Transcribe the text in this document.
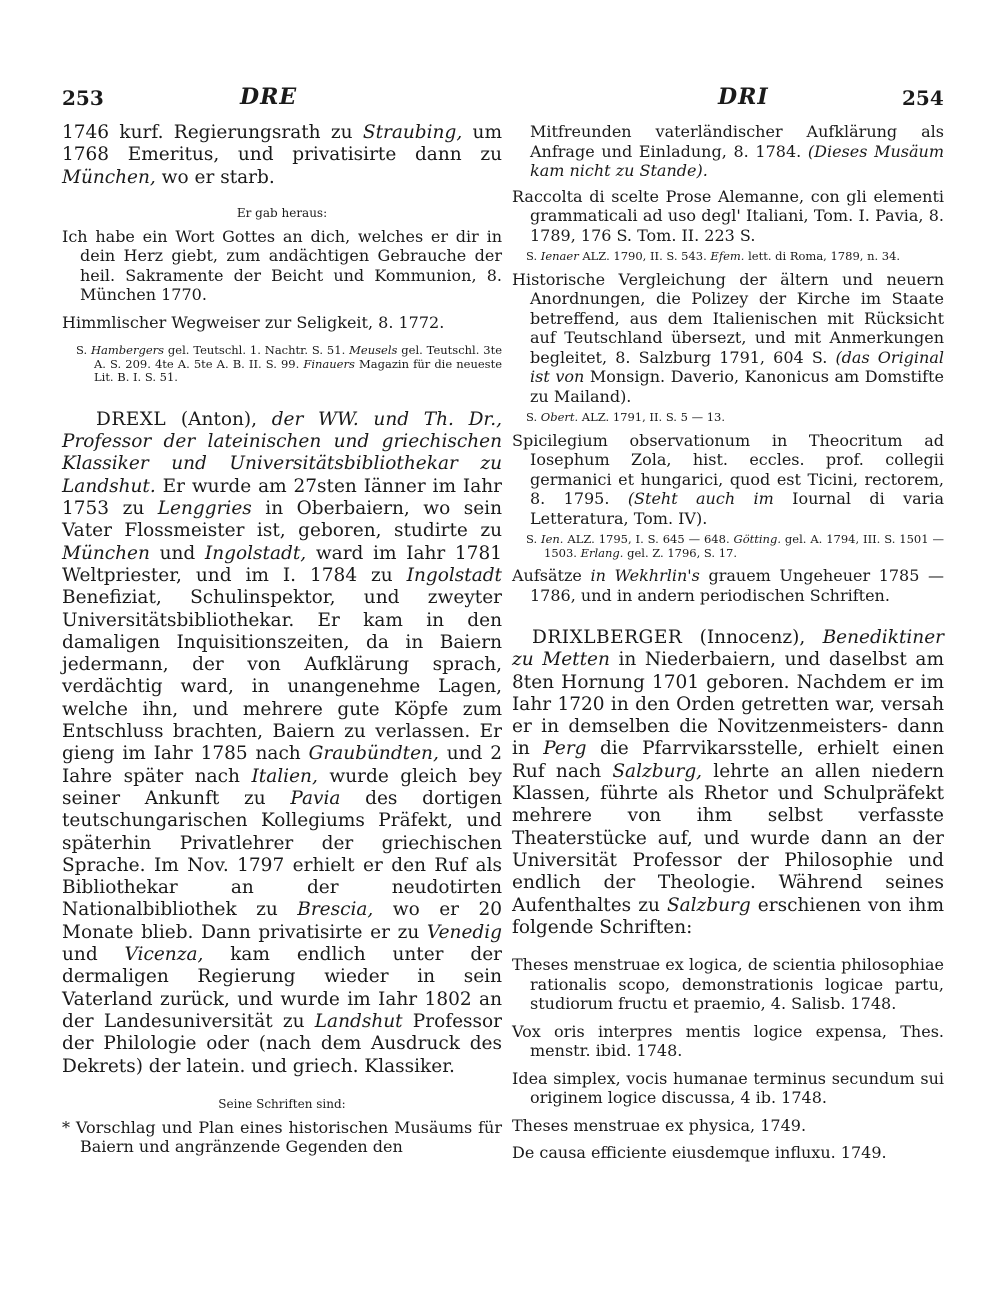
253	DRE	DRI	254

1746 kurf. Regierungsrath zu Straubing, um 1768 Emeritus, und privatisirte dann zu München, wo er starb.

Er gab heraus:

Ich habe ein Wort Gottes an dich, welches er dir in dein Herz giebt, zum andächtigen Gebrauche der heil. Sakramente der Beicht und Kommunion, 8. München 1770.

Himmlischer Wegweiser zur Seligkeit, 8. 1772.

S. Hambergers gel. Teutschl. 1. Nachtr. S. 51. Meusels gel. Teutschl. 3te A. S. 209. 4te A. 5te A. B. II. S. 99. Finauers Magazin für die neueste Lit. B. I. S. 51.

DREXL (Anton), der WW. und Th. Dr., Professor der lateinischen und griechischen Klassiker und Universitätsbibliothekar zu Landshut. Er wurde am 27sten Iänner im Iahr 1753 zu Lenggries in Oberbaiern, wo sein Vater Flossmeister ist, geboren, studirte zu München und Ingolstadt, ward im Iahr 1781 Weltpriester, und im I. 1784 zu Ingolstadt Benefiziat, Schulinspektor, und zweyter Universitätsbibliothekar. Er kam in den damaligen Inquisitionszeiten, da in Baiern jedermann, der von Aufklärung sprach, verdächtig ward, in unangenehme Lagen, welche ihn, und mehrere gute Köpfe zum Entschluss brachten, Baiern zu verlassen. Er gieng im Iahr 1785 nach Graubündten, und 2 Iahre später nach Italien, wurde gleich bey seiner Ankunft zu Pavia des dortigen teutschungarischen Kollegiums Präfekt, und späterhin Privatlehrer der griechischen Sprache. Im Nov. 1797 erhielt er den Ruf als Bibliothekar an der neudotirten Nationalbibliothek zu Brescia, wo er 20 Monate blieb. Dann privatisirte er zu Venedig und Vicenza, kam endlich unter der dermaligen Regierung wieder in sein Vaterland zurück, und wurde im Iahr 1802 an der Landesuniversität zu Landshut Professor der Philologie oder (nach dem Ausdruck des Dekrets) der latein. und griech. Klassiker.

Seine Schriften sind:

* Vorschlag und Plan eines historischen Musäums für Baiern und angränzende Gegenden den

Mitfreunden vaterländischer Aufklärung als Anfrage und Einladung, 8. 1784. (Dieses Musäum kam nicht zu Stande).

Raccolta di scelte Prose Alemanne, con gli elementi grammaticali ad uso degl' Italiani, Tom. I. Pavia, 8. 1789, 176 S. Tom. II. 223 S.

S. Ienaer ALZ. 1790, II. S. 543. Efem. lett. di Roma, 1789, n. 34.

Historische Vergleichung der ältern und neuern Anordnungen, die Polizey der Kirche im Staate betreffend, aus dem Italienischen mit Rücksicht auf Teutschland übersezt, und mit Anmerkungen begleitet, 8. Salzburg 1791, 604 S. (das Original ist von Monsign. Daverio, Kanonicus am Domstifte zu Mailand).

S. Obert. ALZ. 1791, II. S. 5 — 13.

Spicilegium observationum in Theocritum ad Iosephum Zola, hist. eccles. prof. collegii germanici et hungarici, quod est Ticini, rectorem, 8. 1795. (Steht auch im Iournal di varia Letteratura, Tom. IV).

S. Ien. ALZ. 1795, I. S. 645 — 648. Götting. gel. A. 1794, III. S. 1501 — 1503. Erlang. gel. Z. 1796, S. 17.

Aufsätze in Wekhrlin's grauem Ungeheuer 1785 — 1786, und in andern periodischen Schriften.

DRIXLBERGER (Innocenz), Benediktiner zu Metten in Niederbaiern, und daselbst am 8ten Hornung 1701 geboren. Nachdem er im Iahr 1720 in den Orden getretten war, versah er in demselben die Novitzenmeisters- dann in Perg die Pfarrvikarsstelle, erhielt einen Ruf nach Salzburg, lehrte an allen niedern Klassen, führte als Rhetor und Schulpräfekt mehrere von ihm selbst verfasste Theaterstücke auf, und wurde dann an der Universität Professor der Philosophie und endlich der Theologie. Während seines Aufenthaltes zu Salzburg erschienen von ihm folgende Schriften:

Theses menstruae ex logica, de scientia philosophiae rationalis scopo, demonstrationis logicae partu, studiorum fructu et praemio, 4. Salisb. 1748.

Vox oris interpres mentis logice expensa, Thes. menstr. ibid. 1748.

Idea simplex, vocis humanae terminus secundum sui originem logice discussa, 4 ib. 1748.

Theses menstruae ex physica, 1749.

De causa efficiente eiusdemque influxu. 1749.
